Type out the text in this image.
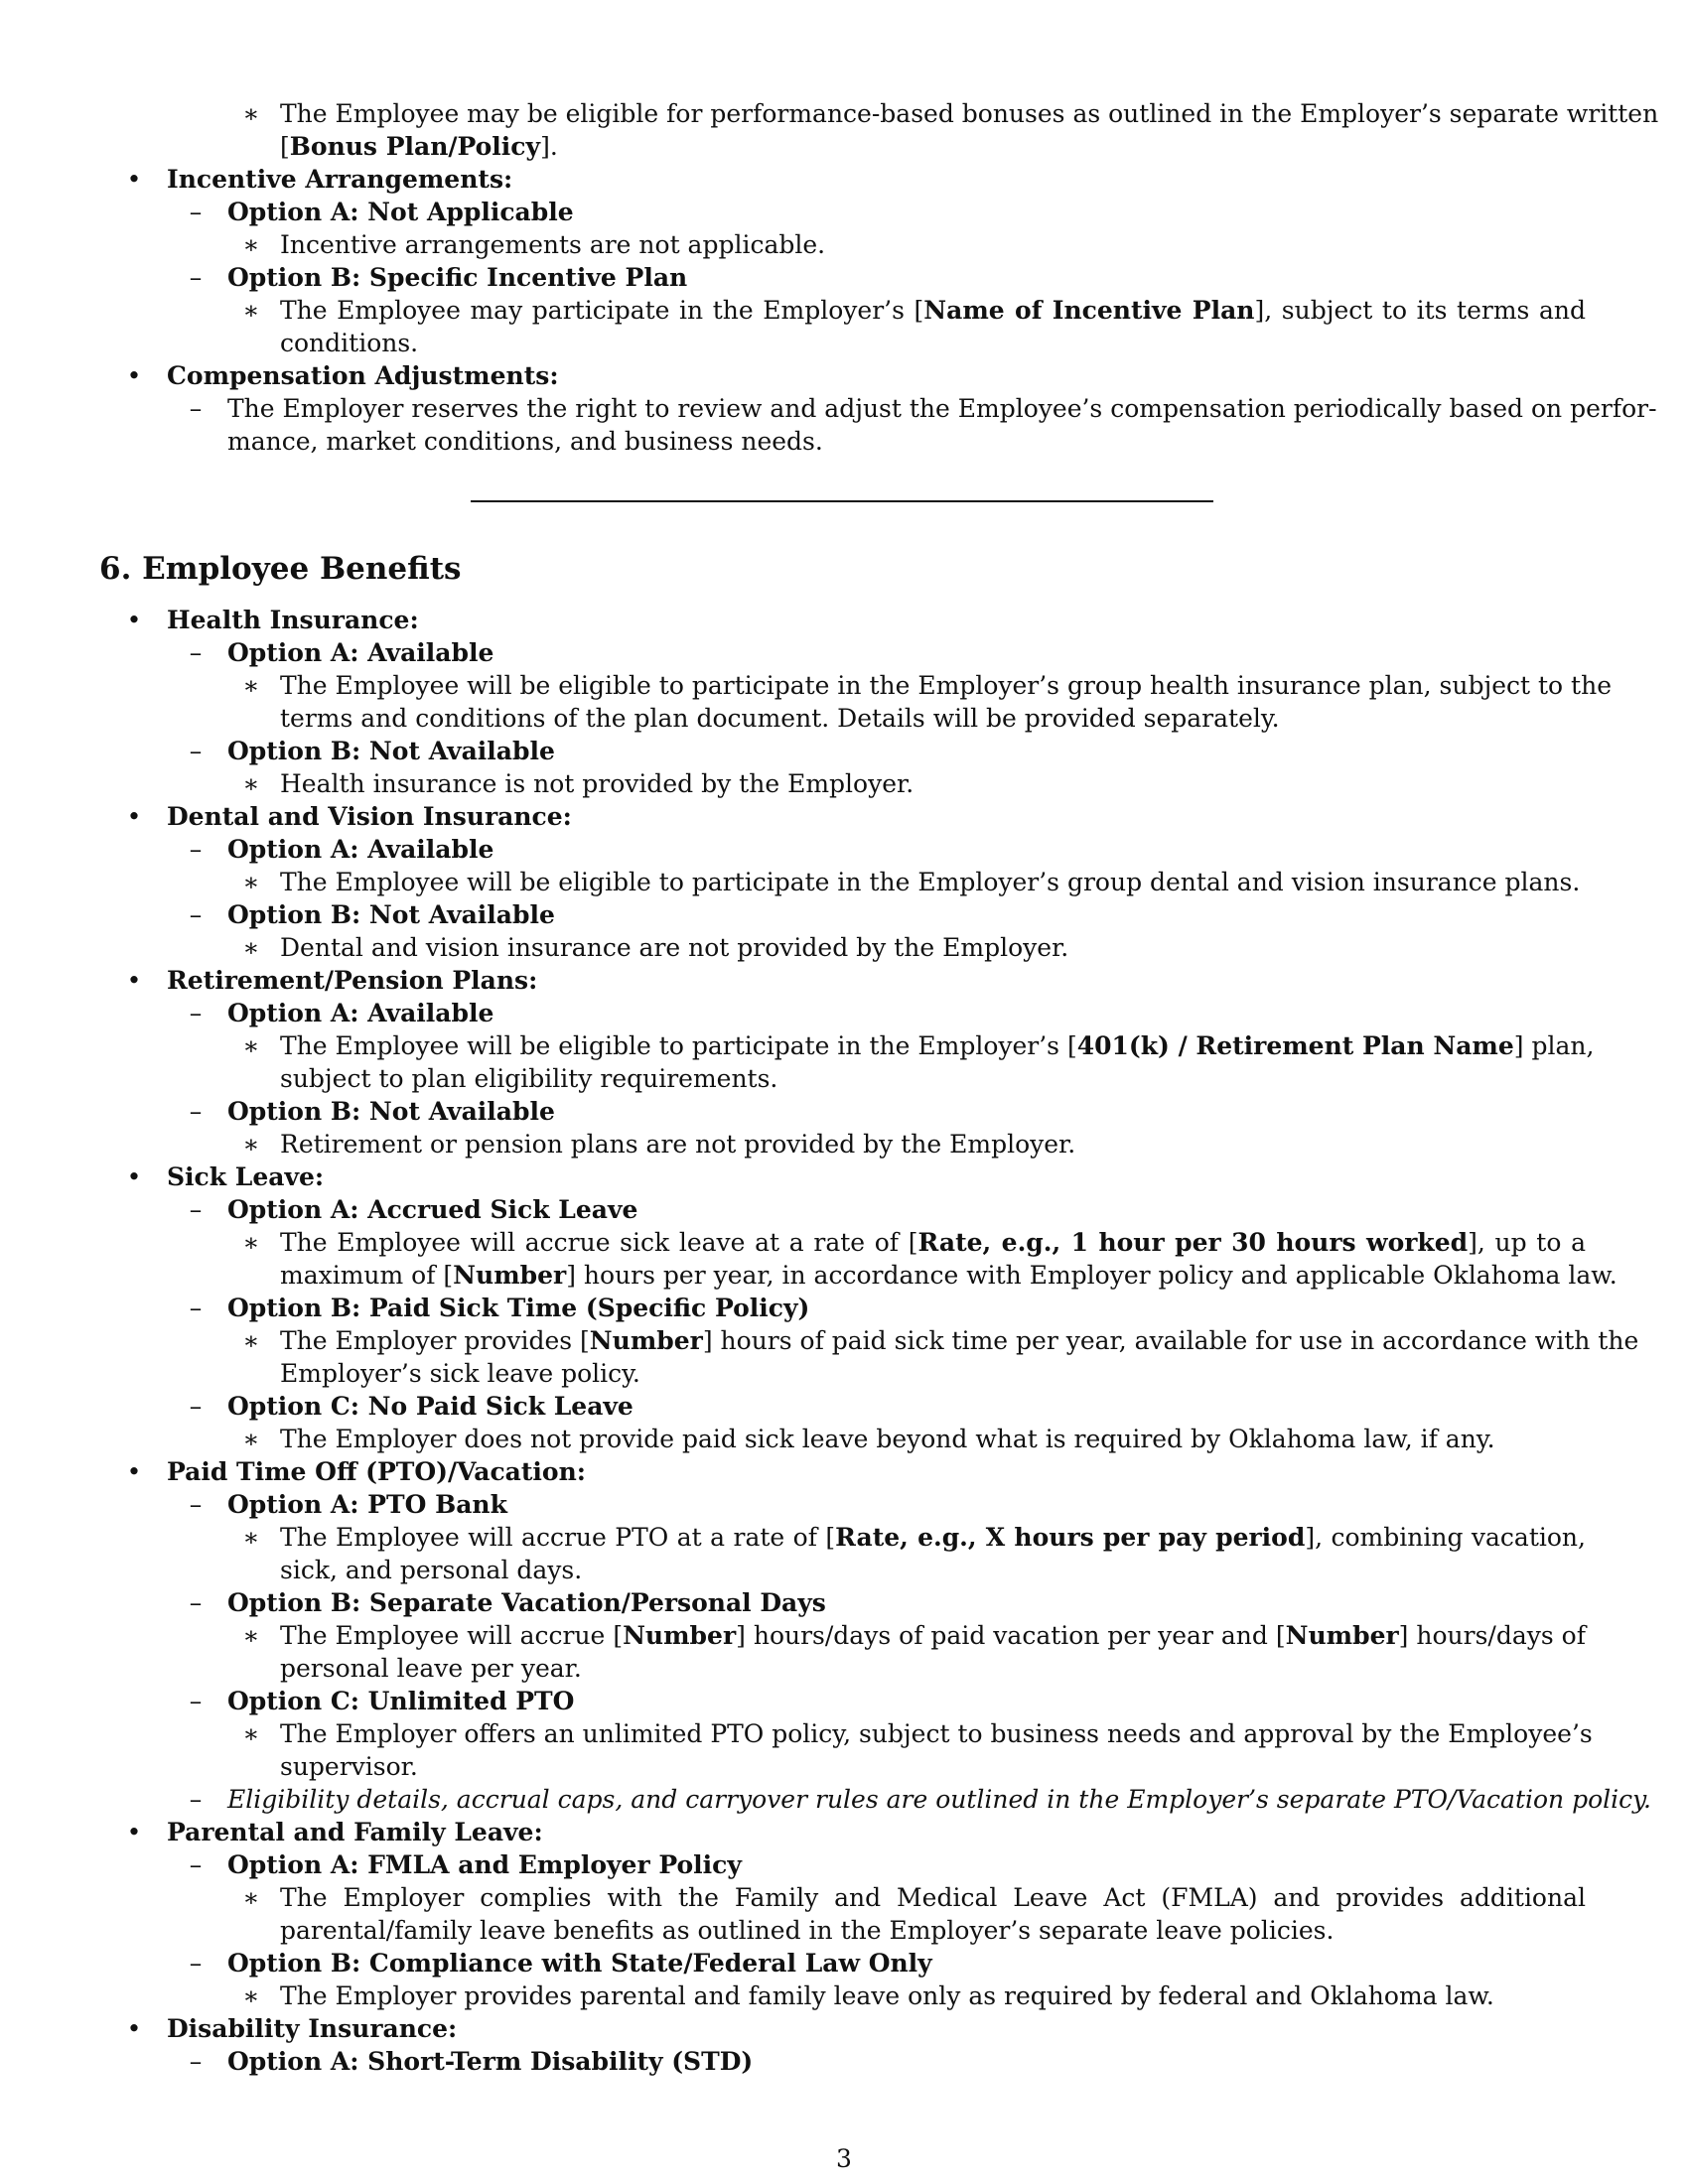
∗ The Employee may be eligible for performance-based bonuses as outlined in the Employer’s separate written
[Bonus Plan/Policy].
• Incentive Arrangements:
– Option A: Not Applicable
∗ Incentive arrangements are not applicable.
– Option B: Specific Incentive Plan
∗ The Employee may participate in the Employer’s [Name of Incentive Plan], subject to its terms and
conditions.
• Compensation Adjustments:
– The Employer reserves the right to review and adjust the Employee’s compensation periodically based on perfor-
mance, market conditions, and business needs.
• Health Insurance:
– Option A: Available
∗ The Employee will be eligible to participate in the Employer’s group health insurance plan, subject to the
terms and conditions of the plan document. Details will be provided separately.
– Option B: Not Available
∗ Health insurance is not provided by the Employer.
• Dental and Vision Insurance:
– Option A: Available
∗ The Employee will be eligible to participate in the Employer’s group dental and vision insurance plans.
– Option B: Not Available
∗ Dental and vision insurance are not provided by the Employer.
• Retirement/Pension Plans:
– Option A: Available
∗ The Employee will be eligible to participate in the Employer’s [401(k) / Retirement Plan Name] plan,
subject to plan eligibility requirements.
– Option B: Not Available
∗ Retirement or pension plans are not provided by the Employer.
• Sick Leave:
– Option A: Accrued Sick Leave
∗ The Employee will accrue sick leave at a rate of [Rate, e.g., 1 hour per 30 hours worked], up to a
maximum of [Number] hours per year, in accordance with Employer policy and applicable Oklahoma law.
– Option B: Paid Sick Time (Specific Policy)
∗ The Employer provides [Number] hours of paid sick time per year, available for use in accordance with the
Employer’s sick leave policy.
– Option C: No Paid Sick Leave
∗ The Employer does not provide paid sick leave beyond what is required by Oklahoma law, if any.
• Paid Time Off (PTO)/Vacation:
– Option A: PTO Bank
∗ The Employee will accrue PTO at a rate of [Rate, e.g., X hours per pay period], combining vacation,
sick, and personal days.
– Option B: Separate Vacation/Personal Days
∗ The Employee will accrue [Number] hours/days of paid vacation per year and [Number] hours/days of
personal leave per year.
– Option C: Unlimited PTO
∗ The Employer offers an unlimited PTO policy, subject to business needs and approval by the Employee’s
supervisor.
– Eligibility details, accrual caps, and carryover rules are outlined in the Employer’s separate PTO/Vacation policy.
• Parental and Family Leave:
– Option A: FMLA and Employer Policy
∗ The Employer complies with the Family and Medical Leave Act (FMLA) and provides additional
parental/family leave benefits as outlined in the Employer’s separate leave policies.
– Option B: Compliance with State/Federal Law Only
∗ The Employer provides parental and family leave only as required by federal and Oklahoma law.
• Disability Insurance:
– Option A: Short-Term Disability (STD)
6. Employee Benefits
3
